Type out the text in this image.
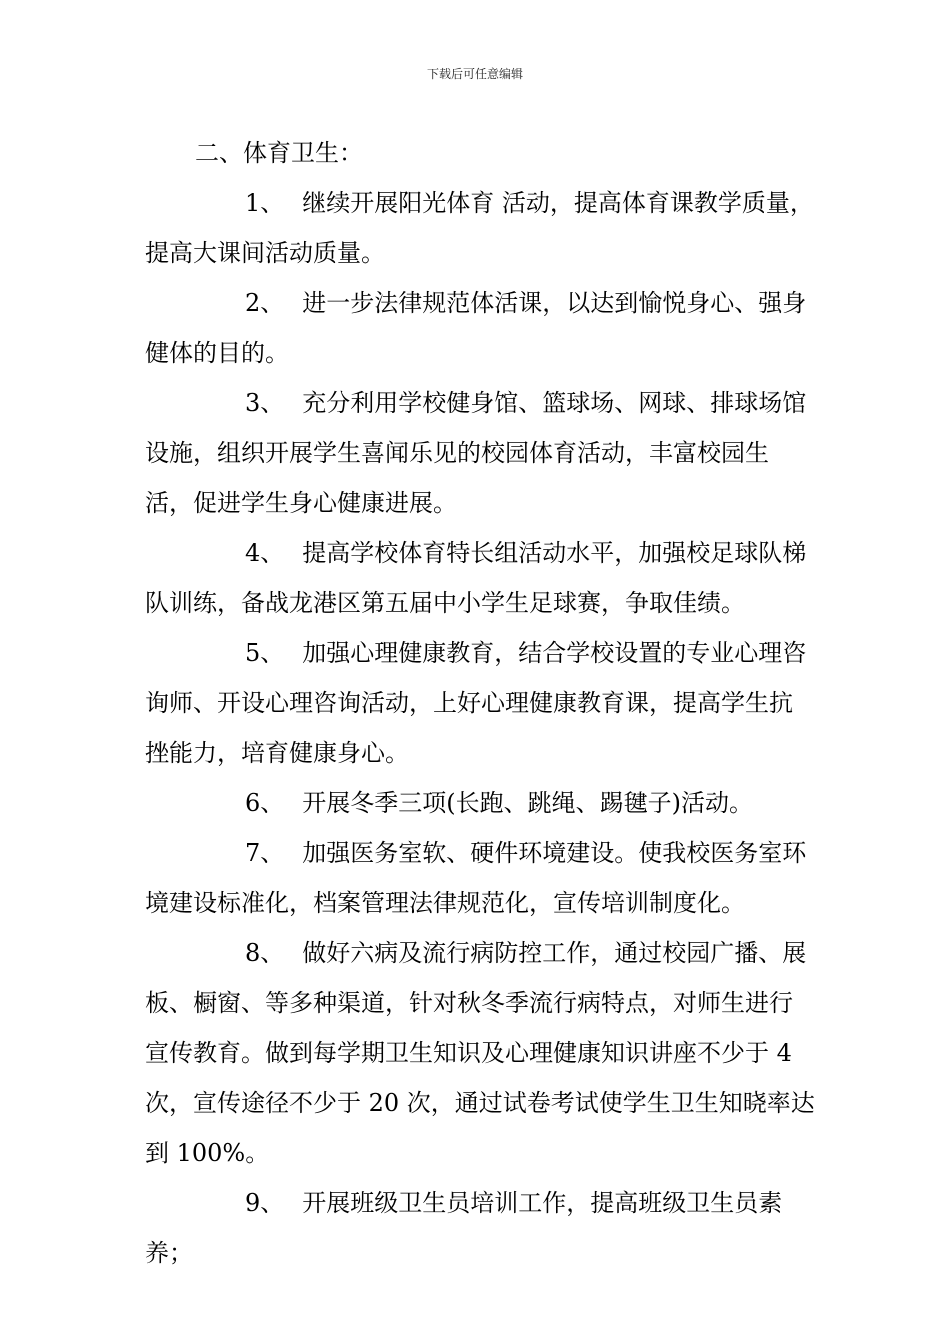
下载后可任意编辑

二、体育卫生：

1、 继续开展阳光体育 活动，提高体育课教学质量，提高大课间活动质量。

2、 进一步法律规范体活课，以达到愉悦身心、强身健体的目的。

3、 充分利用学校健身馆、篮球场、网球、排球场馆设施，组织开展学生喜闻乐见的校园体育活动，丰富校园生活，促进学生身心健康进展。

4、 提高学校体育特长组活动水平，加强校足球队梯队训练，备战龙港区第五届中小学生足球赛，争取佳绩。

5、 加强心理健康教育，结合学校设置的专业心理咨询师、开设心理咨询活动，上好心理健康教育课，提高学生抗挫能力，培育健康身心。

6、 开展冬季三项(长跑、跳绳、踢毽子)活动。

7、 加强医务室软、硬件环境建设。使我校医务室环境建设标准化，档案管理法律规范化，宣传培训制度化。

8、 做好六病及流行病防控工作，通过校园广播、展板、橱窗、等多种渠道，针对秋冬季流行病特点，对师生进行宣传教育。做到每学期卫生知识及心理健康知识讲座不少于 4 次，宣传途径不少于 20 次，通过试卷考试使学生卫生知晓率达到 100%。

9、 开展班级卫生员培训工作，提高班级卫生员素养；
